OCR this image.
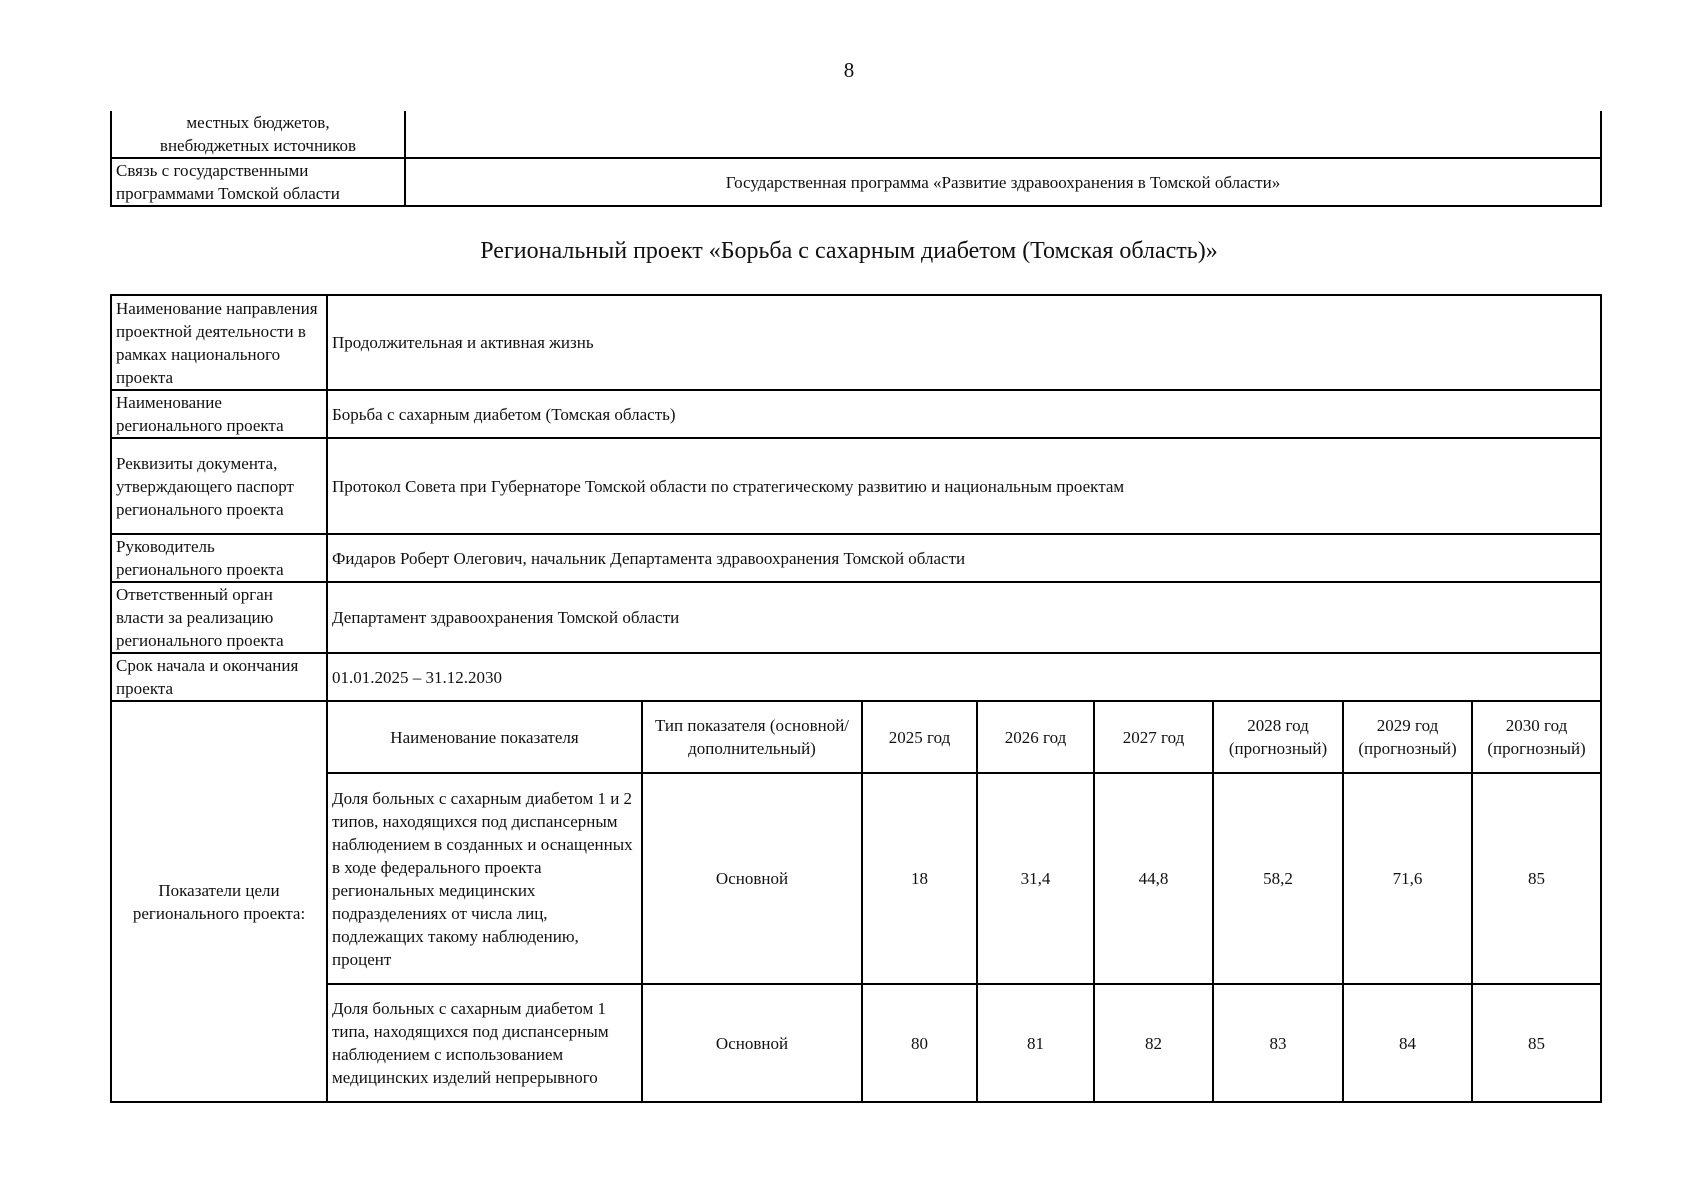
8
местных бюджетов,
внебюджетных источников	
Связь с государственными программами Томской области	Государственная программа «Развитие здравоохранения в Томской области»
Региональный проект «Борьба с сахарным диабетом (Томская область)»
Наименование направления проектной деятельности в рамках национального проекта	Продолжительная и активная жизнь							
Наименование регионального проекта	Борьба с сахарным диабетом (Томская область)							
Реквизиты документа, утверждающего паспорт регионального проекта	Протокол Совета при Губернаторе Томской области по стратегическому развитию и национальным проектам							
Руководитель регионального проекта	Фидаров Роберт Олегович, начальник Департамента здравоохранения Томской области							
Ответственный орган власти за реализацию регионального проекта	Департамент здравоохранения Томской области							
Срок начала и окончания проекта	01.01.2025 – 31.12.2030							
Показатели цели регионального проекта:	Наименование показателя	Тип показателя (основной/ дополнительный)	2025 год	2026 год	2027 год	2028 год (прогнозный)	2029 год (прогнозный)	2030 год (прогнозный)
	Доля больных с сахарным диабетом 1 и 2 типов, находящихся под диспансерным наблюдением в созданных и оснащенных в ходе федерального проекта региональных медицинских подразделениях от числа лиц, подлежащих такому наблюдению, процент	Основной	18	31,4	44,8	58,2	71,6	85
	Доля больных с сахарным диабетом 1 типа, находящихся под диспансерным наблюдением с использованием медицинских изделий непрерывного	Основной	80	81	82	83	84	85
